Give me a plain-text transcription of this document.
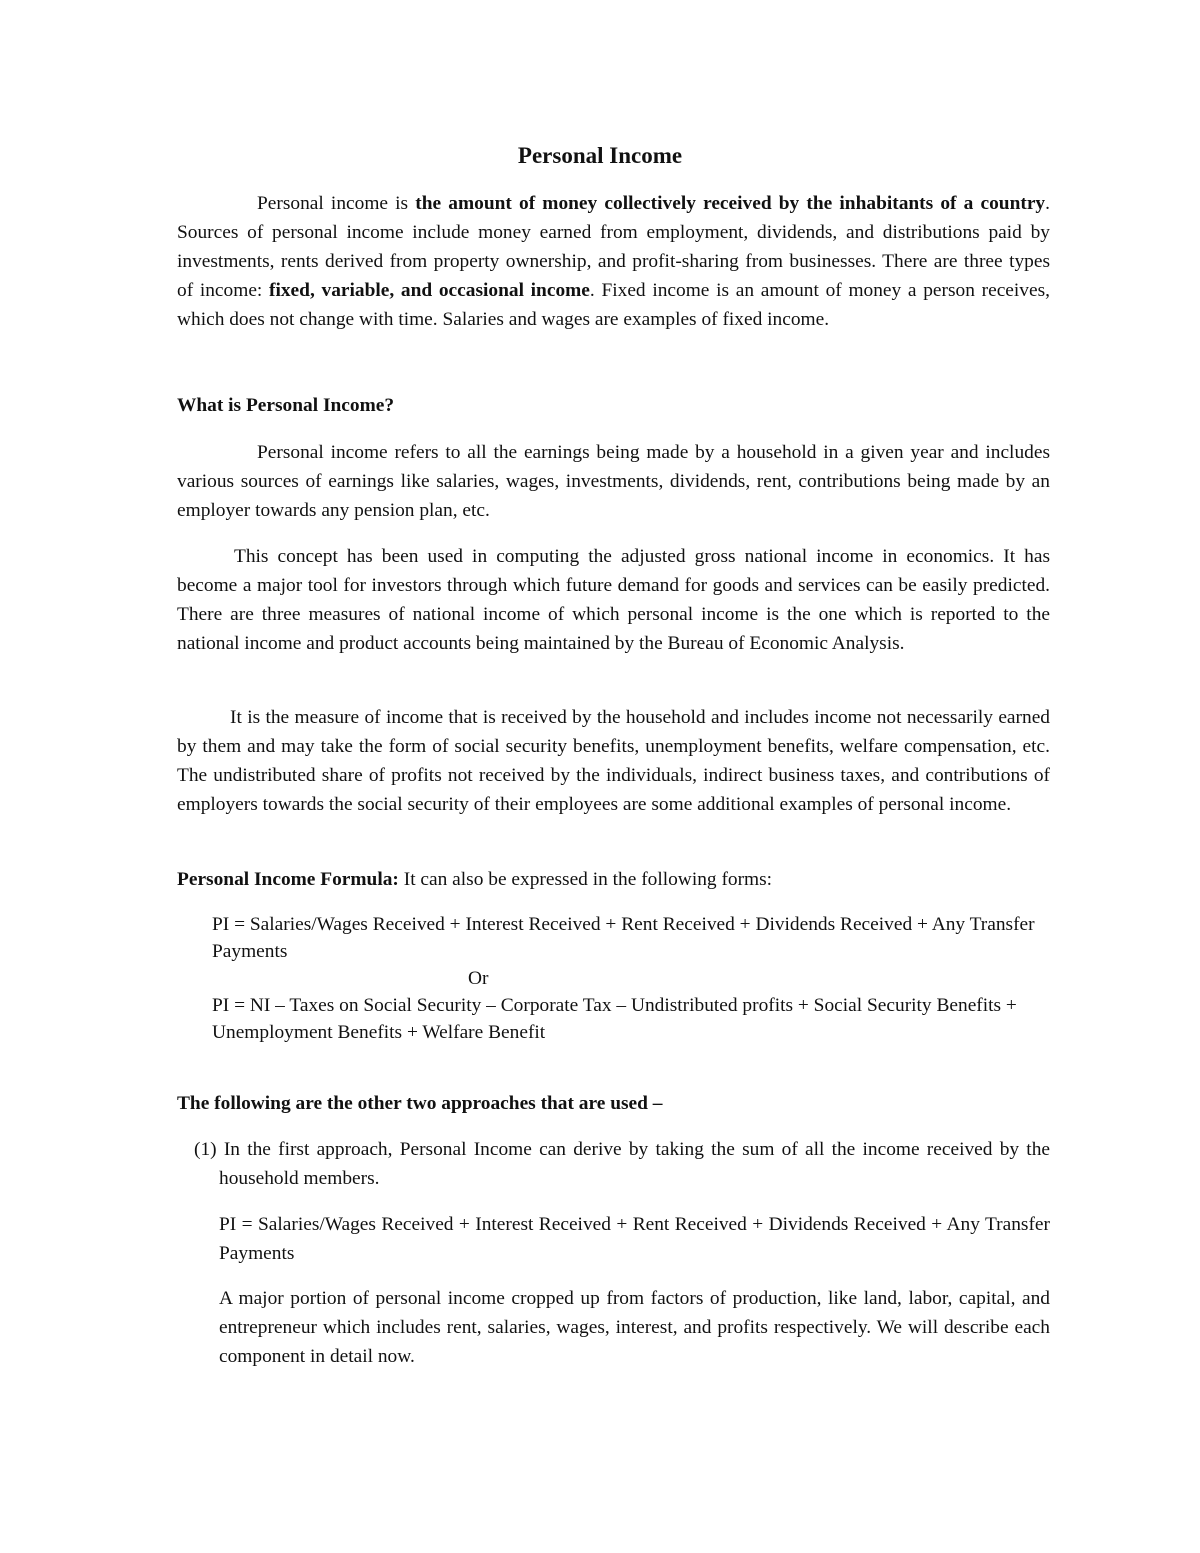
Personal Income

Personal income is the amount of money collectively received by the inhabitants of a country. Sources of personal income include money earned from employment, dividends, and distributions paid by investments, rents derived from property ownership, and profit-sharing from businesses. There are three types of income: fixed, variable, and occasional income. Fixed income is an amount of money a person receives, which does not change with time. Salaries and wages are examples of fixed income.

What is Personal Income?

Personal income refers to all the earnings being made by a household in a given year and includes various sources of earnings like salaries, wages, investments, dividends, rent, contributions being made by an employer towards any pension plan, etc.

This concept has been used in computing the adjusted gross national income in economics. It has become a major tool for investors through which future demand for goods and services can be easily predicted. There are three measures of national income of which personal income is the one which is reported to the national income and product accounts being maintained by the Bureau of Economic Analysis.

It is the measure of income that is received by the household and includes income not necessarily earned by them and may take the form of social security benefits, unemployment benefits, welfare compensation, etc. The undistributed share of profits not received by the individuals, indirect business taxes, and contributions of employers towards the social security of their employees are some additional examples of personal income.

Personal Income Formula: It can also be expressed in the following forms:

PI = Salaries/Wages Received + Interest Received + Rent Received + Dividends Received + Any Transfer Payments

Or

PI = NI – Taxes on Social Security – Corporate Tax – Undistributed profits + Social Security Benefits + Unemployment Benefits + Welfare Benefit

The following are the other two approaches that are used –

(1) In the first approach, Personal Income can derive by taking the sum of all the income received by the household members.

PI = Salaries/Wages Received + Interest Received + Rent Received + Dividends Received + Any Transfer Payments

A major portion of personal income cropped up from factors of production, like land, labor, capital, and entrepreneur which includes rent, salaries, wages, interest, and profits respectively. We will describe each component in detail now.
